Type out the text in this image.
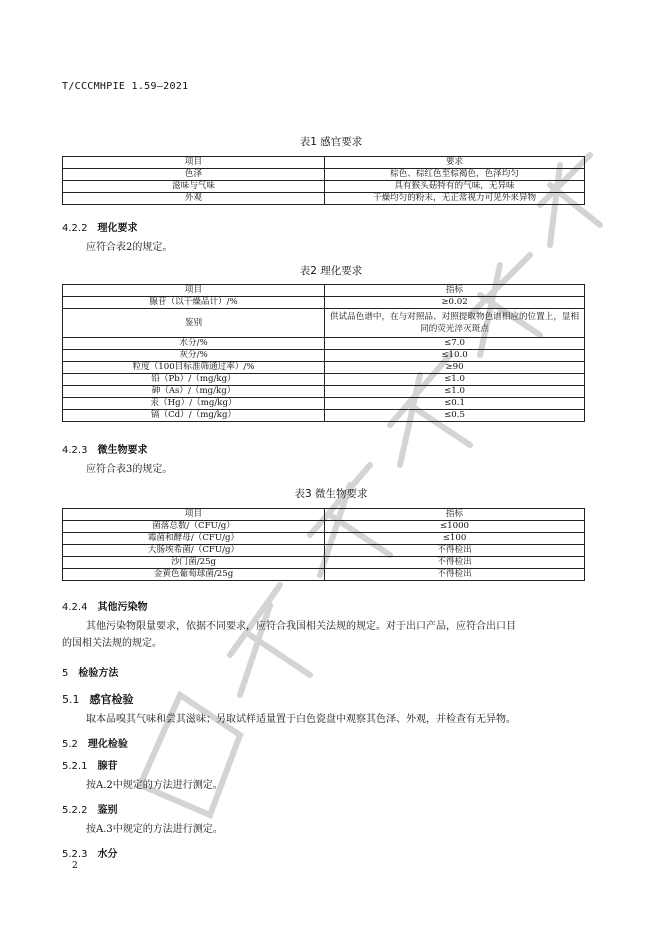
T/CCCMHPIE 1.59—2021
表1 感官要求
项目	要求
色泽	棕色、棕红色至棕褐色，色泽均匀
滋味与气味	具有猴头菇特有的气味，无异味
外观	干燥均匀的粉末，无正常视力可见外来异物
4.2.2 理化要求
应符合表2的规定。
表2 理化要求
项目	指标
腺苷（以干燥品计）/%	≥0.02
鉴别	供试品色谱中，在与对照品、对照提取物色谱相应的位置上，显相同的荧光淬灭斑点
水分/%	≤7.0
灰分/%	≤10.0
粒度（100目标准筛通过率）/%	≥90
铅（Pb）/（mg/kg）	≤1.0
砷（As）/（mg/kg）	≤1.0
汞（Hg）/（mg/kg）	≤0.1
镉（Cd）/（mg/kg）	≤0.5
4.2.3 微生物要求
应符合表3的规定。
表3 微生物要求
项目	指标
菌落总数/（CFU/g）	≤1000
霉菌和酵母/（CFU/g）	≤100
大肠埃希菌/（CFU/g）	不得检出
沙门菌/25g	不得检出
金黄色葡萄球菌/25g	不得检出
4.2.4 其他污染物
其他污染物限量要求，依据不同要求，应符合我国相关法规的规定。对于出口产品，应符合出口目
的国相关法规的规定。
5 检验方法
5.1 感官检验
取本品嗅其气味和尝其滋味；另取试样适量置于白色瓷盘中观察其色泽、外观，并检查有无异物。
5.2 理化检验
5.2.1 腺苷
按A.2中规定的方法进行测定。
5.2.2 鉴别
按A.3中规定的方法进行测定。
5.2.3 水分
2
